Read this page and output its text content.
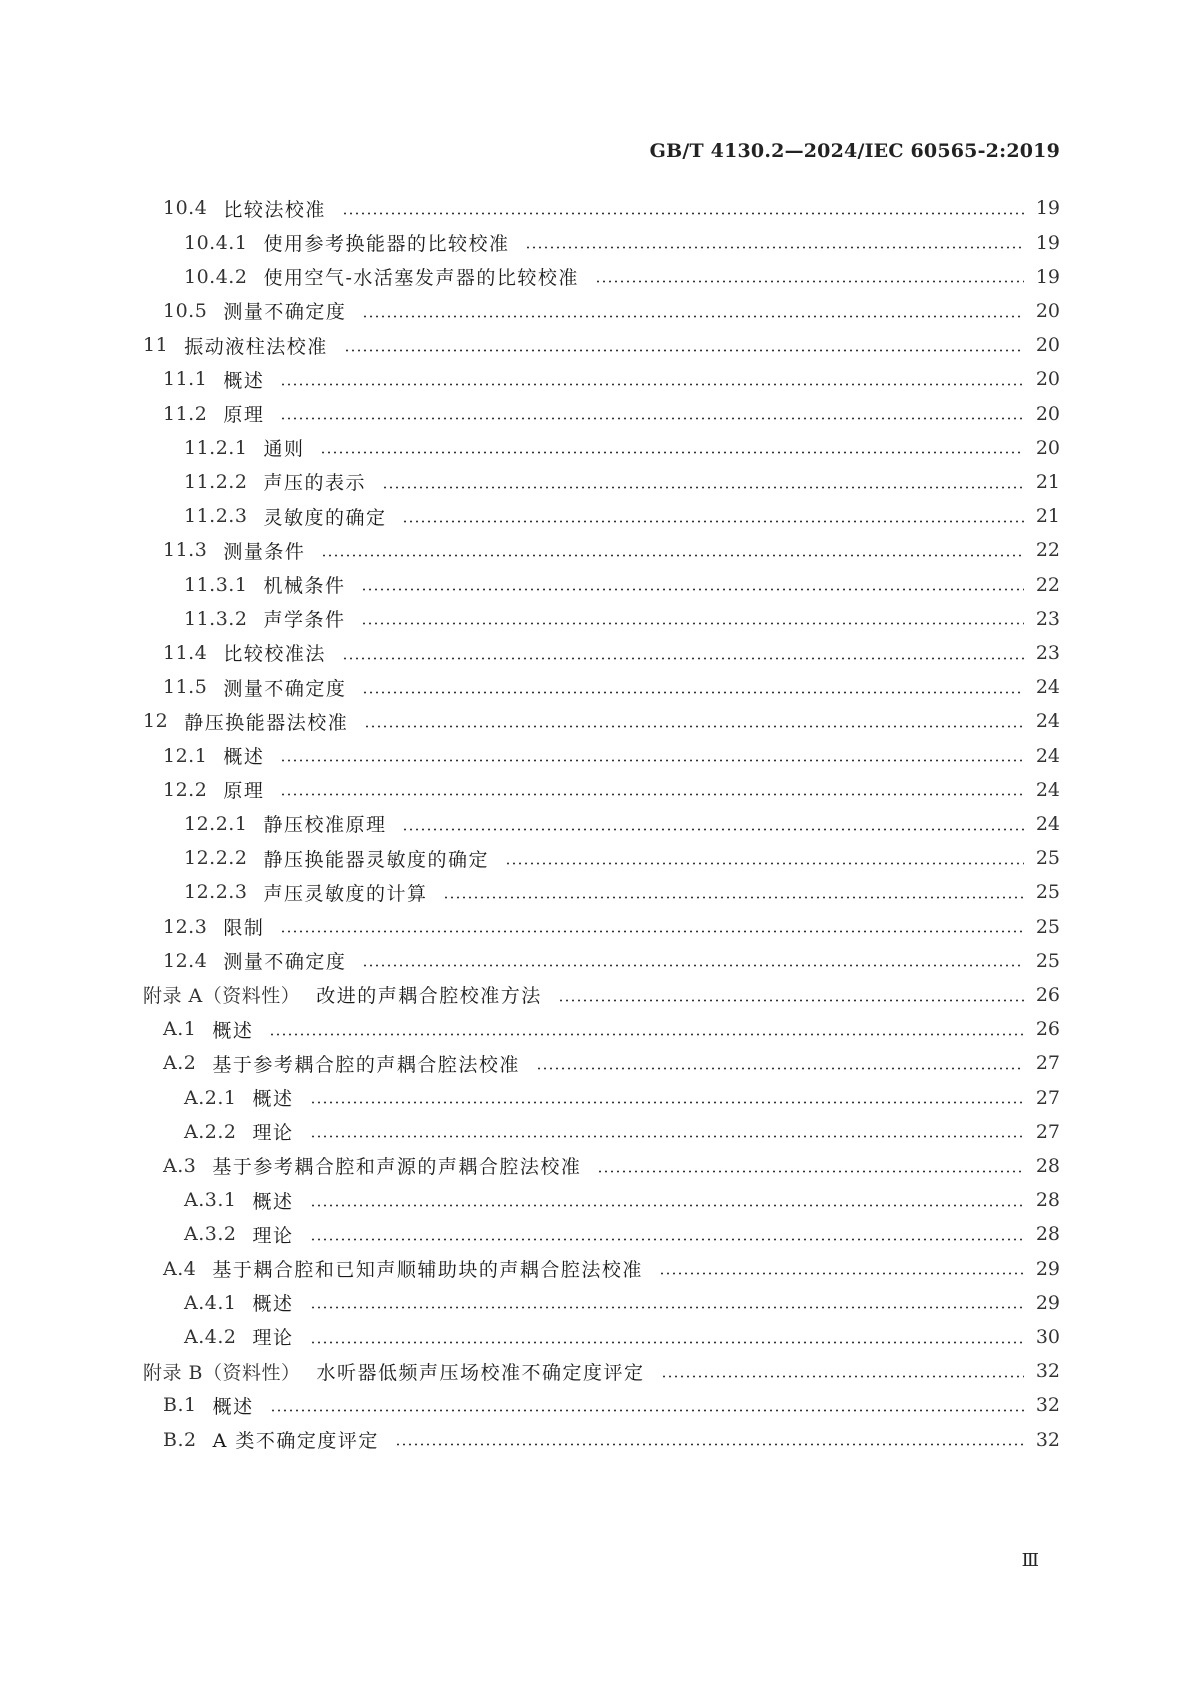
GB/T 4130.2—2024/IEC 60565-2:2019
10.4 比较法校准	19
10.4.1 使用参考换能器的比较校准	19
10.4.2 使用空气-水活塞发声器的比较校准	19
10.5 测量不确定度	20
11 振动液柱法校准	20
11.1 概述	20
11.2 原理	20
11.2.1 通则	20
11.2.2 声压的表示	21
11.2.3 灵敏度的确定	21
11.3 测量条件	22
11.3.1 机械条件	22
11.3.2 声学条件	23
11.4 比较校准法	23
11.5 测量不确定度	24
12 静压换能器法校准	24
12.1 概述	24
12.2 原理	24
12.2.1 静压校准原理	24
12.2.2 静压换能器灵敏度的确定	25
12.2.3 声压灵敏度的计算	25
12.3 限制	25
12.4 测量不确定度	25
附录 A（资料性） 改进的声耦合腔校准方法	26
A.1 概述	26
A.2 基于参考耦合腔的声耦合腔法校准	27
A.2.1 概述	27
A.2.2 理论	27
A.3 基于参考耦合腔和声源的声耦合腔法校准	28
A.3.1 概述	28
A.3.2 理论	28
A.4 基于耦合腔和已知声顺辅助块的声耦合腔法校准	29
A.4.1 概述	29
A.4.2 理论	30
附录 B（资料性） 水听器低频声压场校准不确定度评定	32
B.1 概述	32
B.2 A 类不确定度评定	32
Ⅲ
